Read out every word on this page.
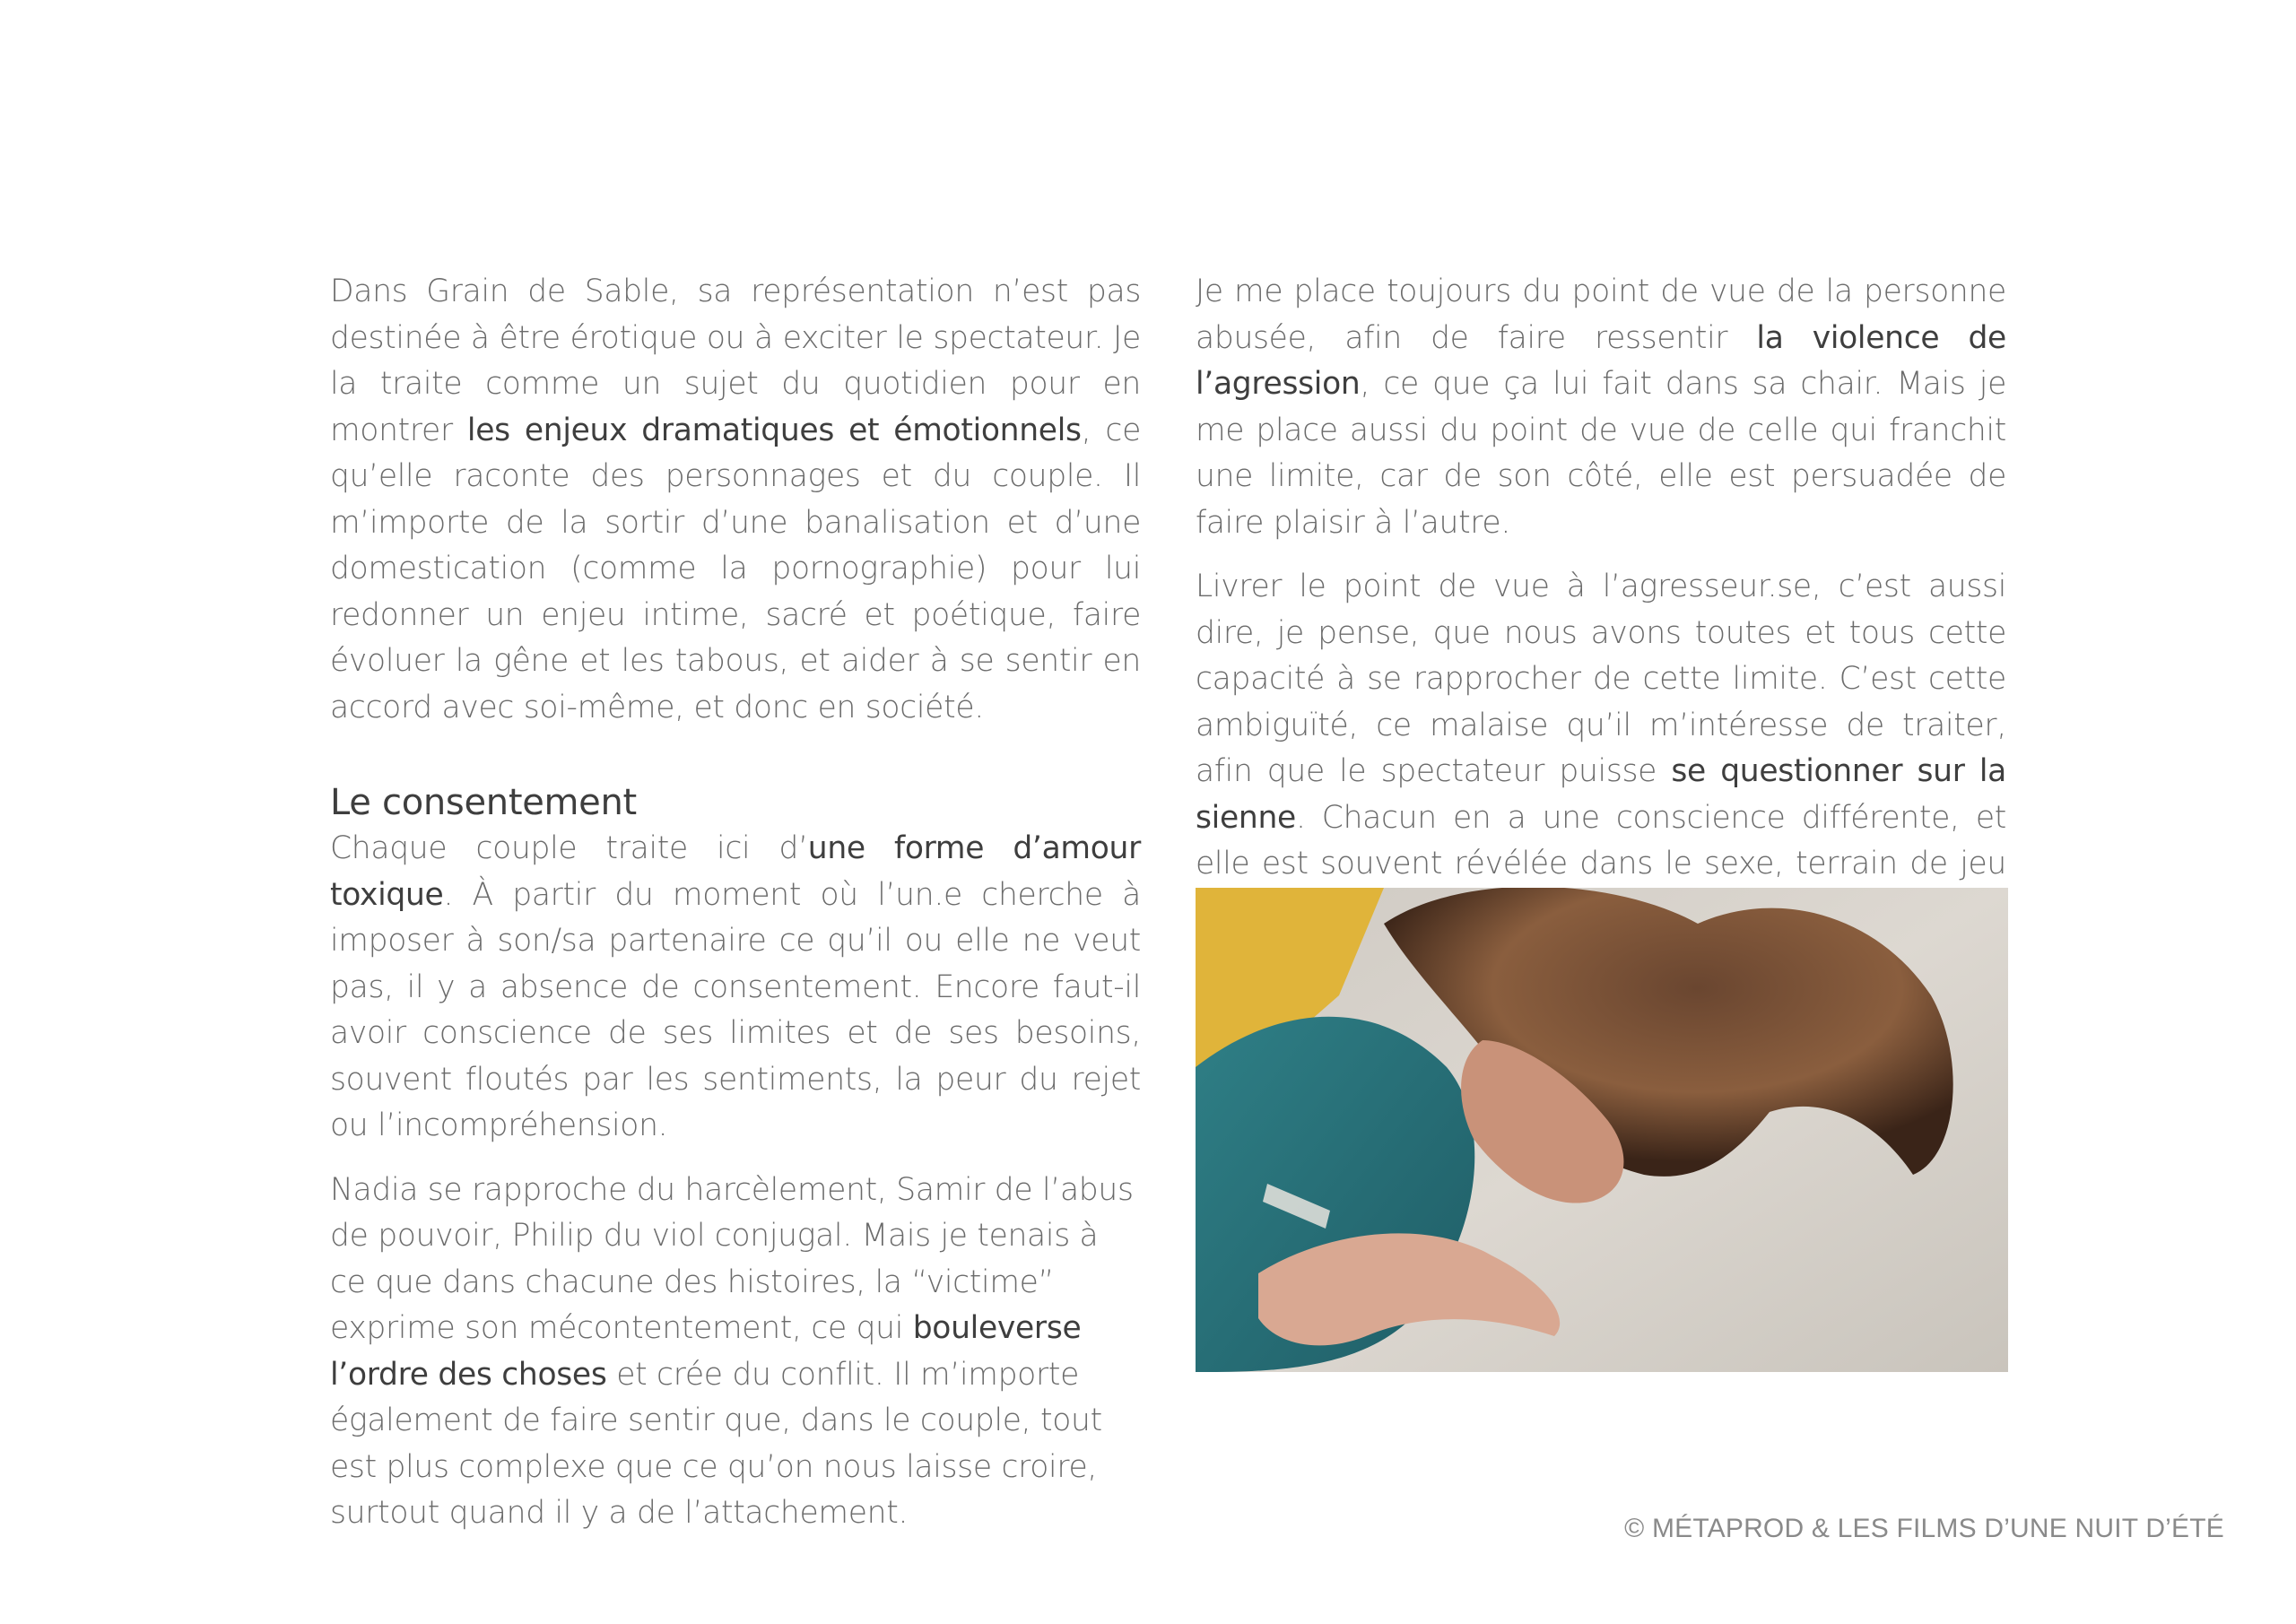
Dans Grain de Sable, sa représentation n’est pas destinée à être érotique ou à exciter le spectateur. Je la traite comme un sujet du quotidien pour en montrer les enjeux dramatiques et émotionnels, ce qu’elle raconte des personnages et du couple. Il m’importe de la sortir d’une banalisation et d’une domestication (comme la pornographie) pour lui redonner un enjeu intime, sacré et poétique, faire évoluer la gêne et les tabous, et aider à se sentir en accord avec soi-même, et donc en société.

Le consentement

Chaque couple traite ici d’une forme d’amour toxique. À partir du moment où l’un.e cherche à imposer à son/sa partenaire ce qu’il ou elle ne veut pas, il y a absence de consentement. Encore faut-il avoir conscience de ses limites et de ses besoins, souvent floutés par les sentiments, la peur du rejet ou l’incompréhension.

Nadia se rapproche du harcèlement, Samir de l’abus de pouvoir, Philip du viol conjugal. Mais je tenais à ce que dans chacune des histoires, la “victime” exprime son mécontentement, ce qui bouleverse l’ordre des choses et crée du conflit. Il m’importe également de faire sentir que, dans le couple, tout est plus complexe que ce qu’on nous laisse croire, surtout quand il y a de l’attachement.

Je me place toujours du point de vue de la personne abusée, afin de faire ressentir la violence de l’agression, ce que ça lui fait dans sa chair. Mais je me place aussi du point de vue de celle qui franchit une limite, car de son côté, elle est persuadée de faire plaisir à l’autre.

Livrer le point de vue à l’agresseur.se, c’est aussi dire, je pense, que nous avons toutes et tous cette capacité à se rapprocher de cette limite. C’est cette ambiguïté, ce malaise qu’il m’intéresse de traiter, afin que le spectateur puisse se questionner sur la sienne. Chacun en a une conscience différente, et elle est souvent révélée dans le sexe, terrain de jeu

© MÉTAPROD & LES FILMS D’UNE NUIT D’ÉTÉ
